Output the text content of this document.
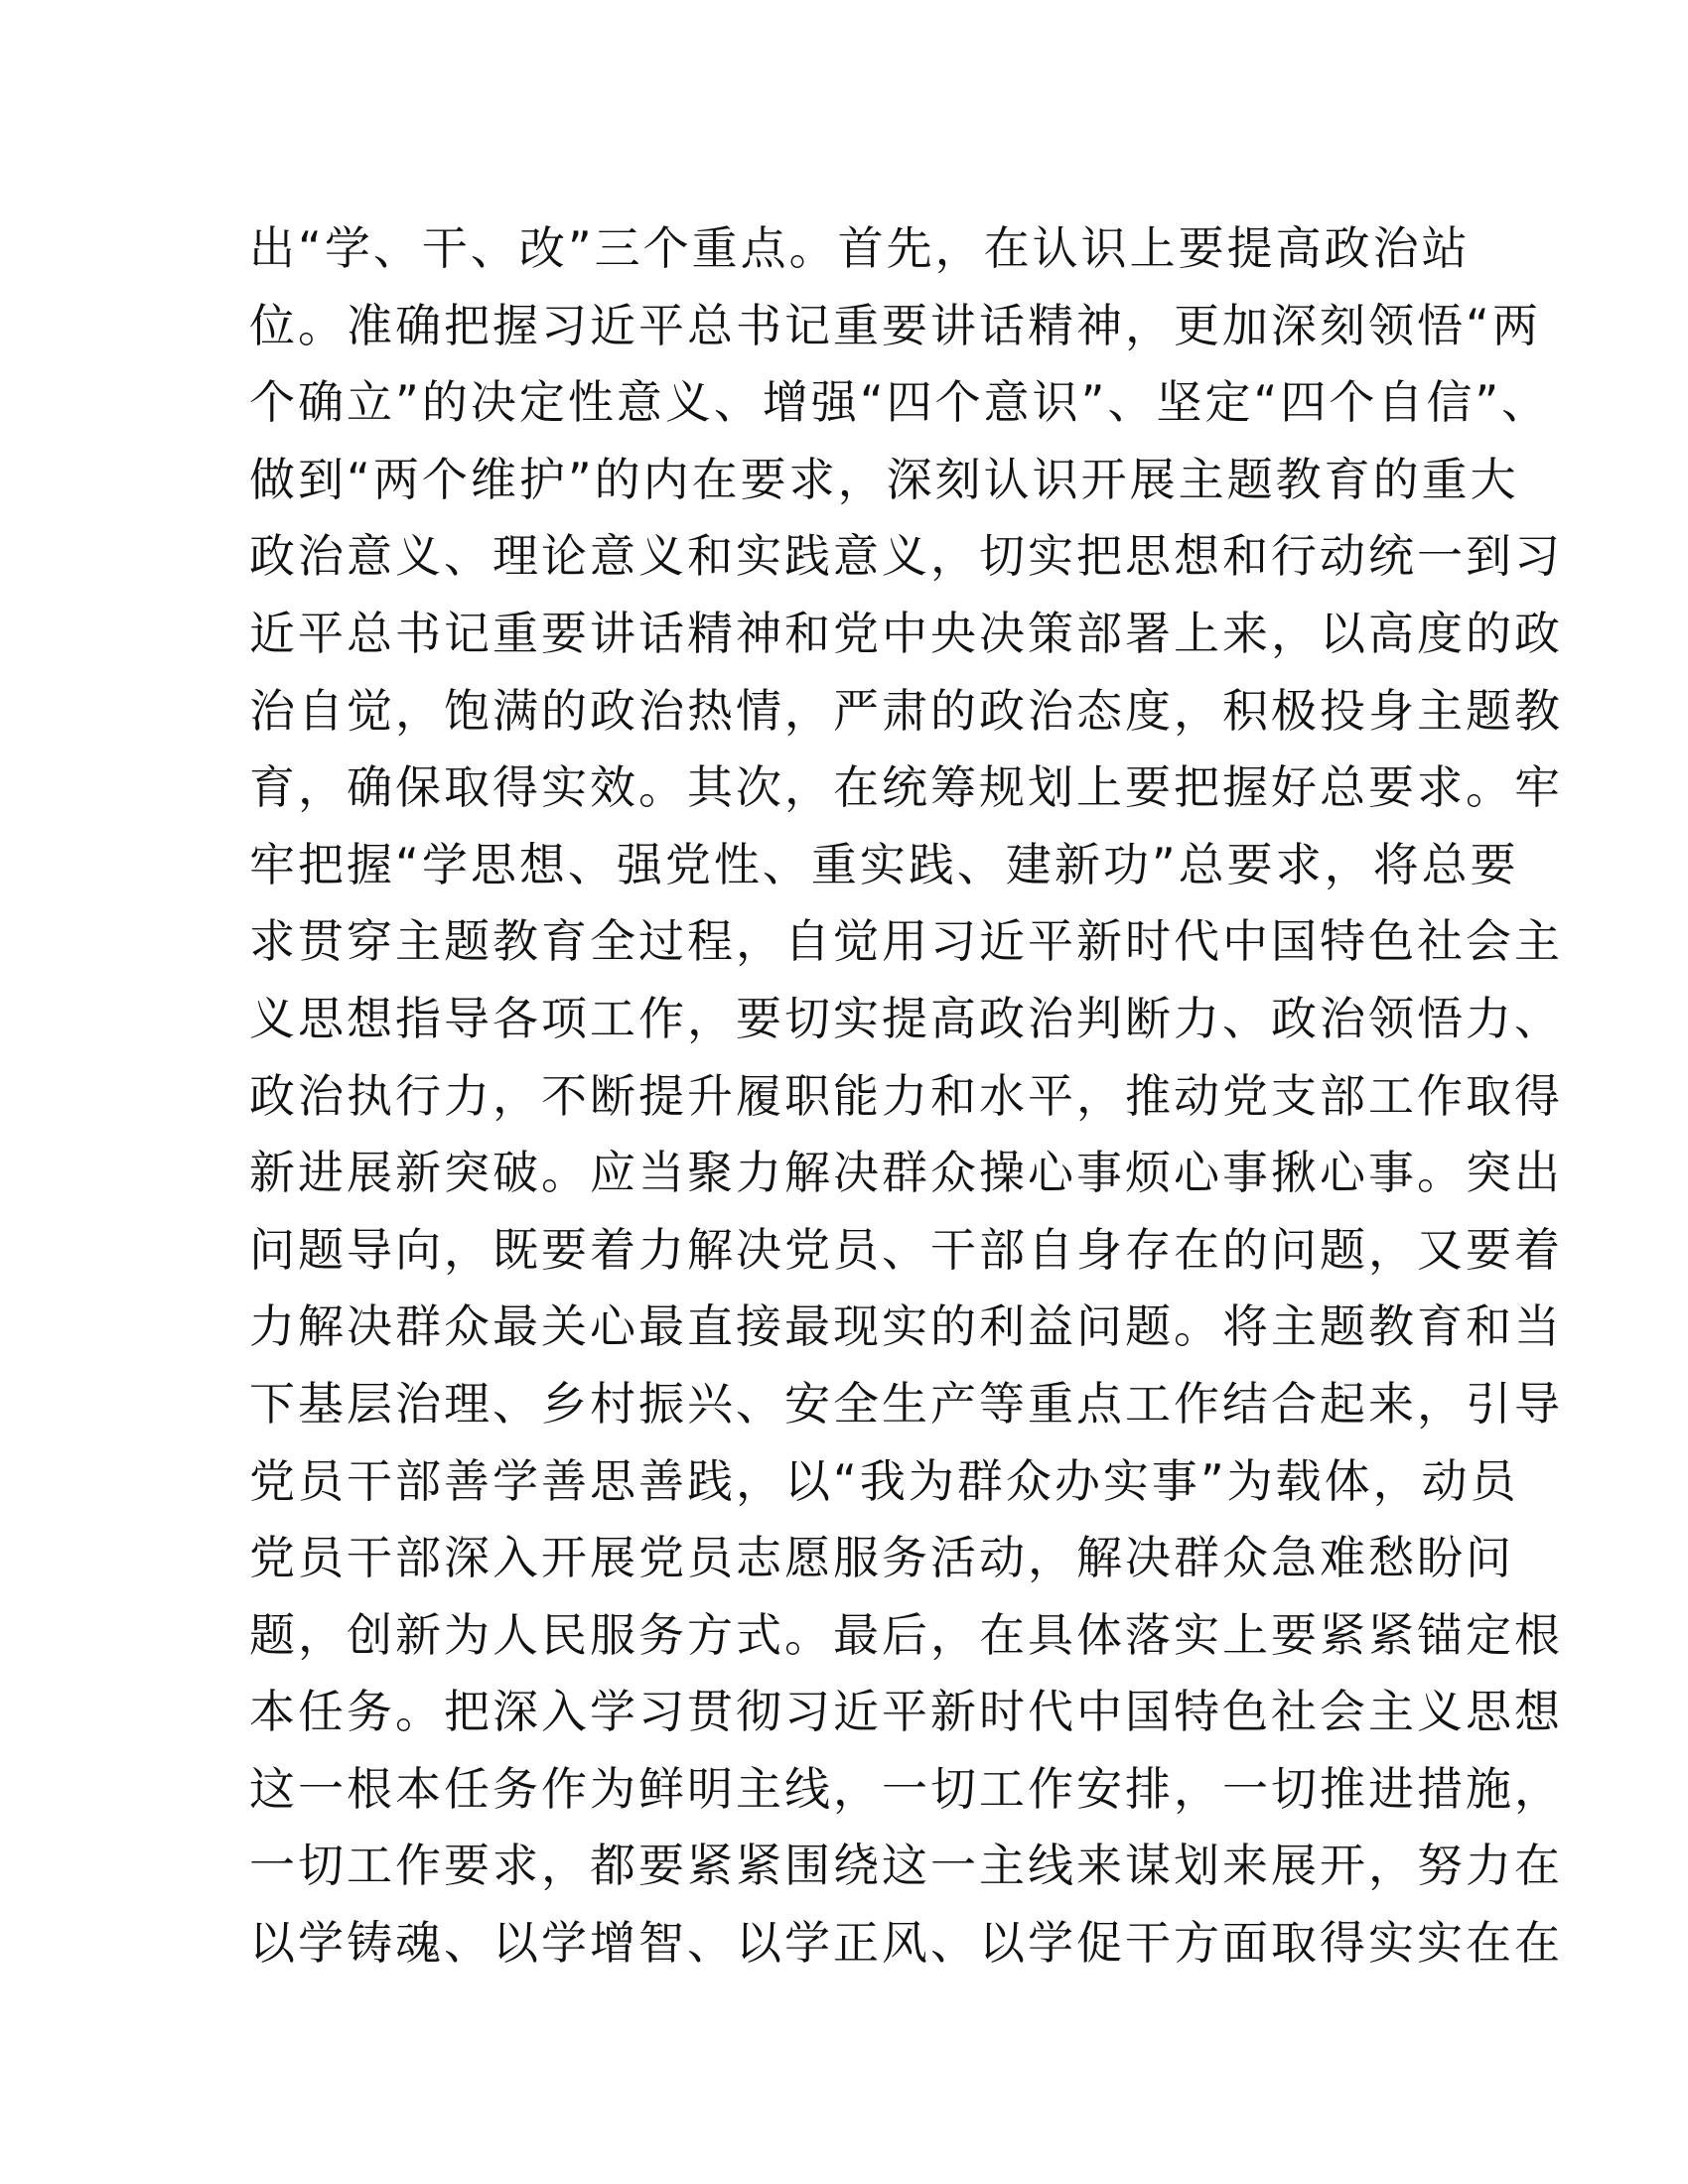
出“学、干、改”三个重点。首先，在认识上要提高政治站
位。准确把握习近平总书记重要讲话精神，更加深刻领悟“两
个确立”的决定性意义、增强“四个意识”、坚定“四个自信”、
做到“两个维护”的内在要求，深刻认识开展主题教育的重大
政治意义、理论意义和实践意义，切实把思想和行动统一到习
近平总书记重要讲话精神和党中央决策部署上来，以高度的政
治自觉，饱满的政治热情，严肃的政治态度，积极投身主题教
育，确保取得实效。其次，在统筹规划上要把握好总要求。牢
牢把握“学思想、强党性、重实践、建新功”总要求，将总要
求贯穿主题教育全过程，自觉用习近平新时代中国特色社会主
义思想指导各项工作，要切实提高政治判断力、政治领悟力、
政治执行力，不断提升履职能力和水平，推动党支部工作取得
新进展新突破。应当聚力解决群众操心事烦心事揪心事。突出
问题导向，既要着力解决党员、干部自身存在的问题，又要着
力解决群众最关心最直接最现实的利益问题。将主题教育和当
下基层治理、乡村振兴、安全生产等重点工作结合起来，引导
党员干部善学善思善践，以“我为群众办实事”为载体，动员
党员干部深入开展党员志愿服务活动，解决群众急难愁盼问
题，创新为人民服务方式。最后，在具体落实上要紧紧锚定根
本任务。把深入学习贯彻习近平新时代中国特色社会主义思想
这一根本任务作为鲜明主线，一切工作安排，一切推进措施，
一切工作要求，都要紧紧围绕这一主线来谋划来展开，努力在
以学铸魂、以学增智、以学正风、以学促干方面取得实实在在
